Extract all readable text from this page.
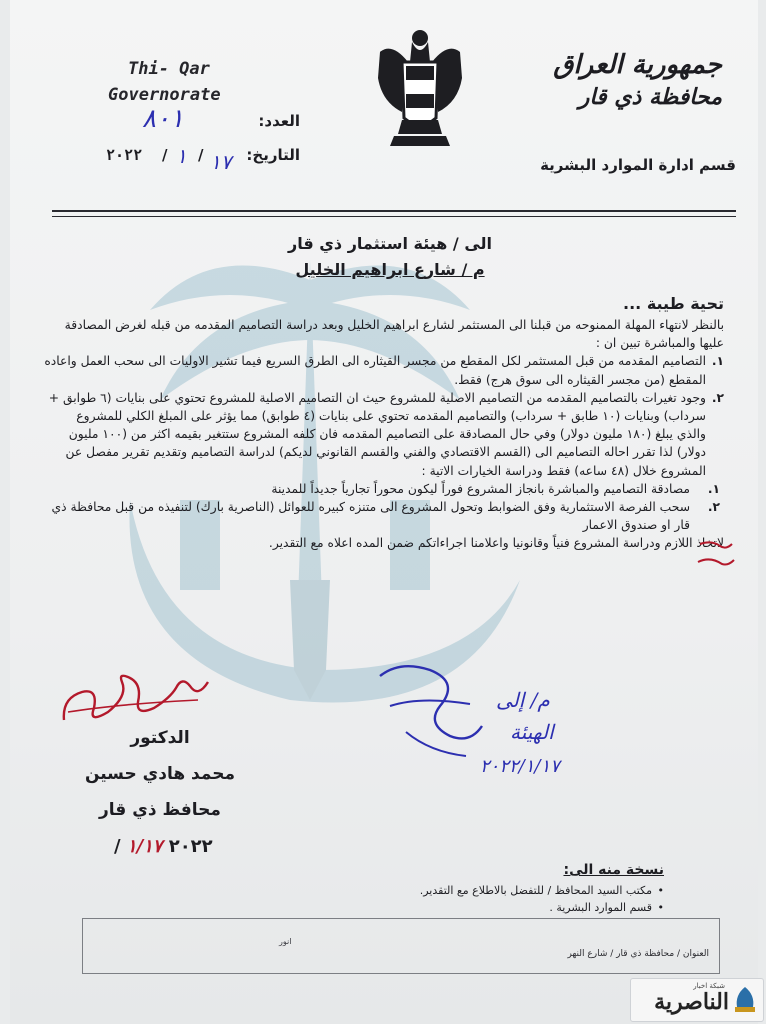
Thi- Qar
Governorate
العدد:
٨٠١
التاريخ:
١٧
/
١
/
٢٠٢٢
جمهورية العراق
محافظة ذي قار
قسم ادارة الموارد البشرية
الى / هيئة استثمار ذي قار
م / شارع ابراهيم الخليل
تحية طيبة ...

بالنظر لانتهاء المهلة الممنوحه من قبلنا الى المستثمر لشارع ابراهيم الخليل وبعد دراسة التصاميم المقدمه من قبله لغرض المصادقة عليها والمباشرة تبين ان :

١.
التصاميم المقدمه من قبل المستثمر لكل المقطع من مجسر القيثاره الى الطرق السريع فيما تشير الاوليات الى سحب العمل واعاده المقطع (من مجسر القيثاره الى سوق هرج) فقط.

٢.
وجود تغيرات بالتصاميم المقدمه من التصاميم الاصلية للمشروع حيث ان التصاميم الاصلية للمشروع تحتوي على بنايات (٦ طوابق + سرداب) وبنايات (١٠ طابق + سرداب) والتصاميم المقدمه تحتوي على بنايات (٤ طوابق) مما يؤثر على المبلغ الكلي للمشروع والذي يبلغ (١٨٠ مليون دولار) وفي حال المصادقة على التصاميم المقدمه فان كلفه المشروع ستتغير بقيمه اكثر من (١٠٠ مليون دولار) لذا تقرر احاله التصاميم الى (القسم الاقتصادي والفني والقسم القانوني لديكم) لدراسة التصاميم وتقديم تقرير مفصل عن المشروع خلال (٤٨ ساعه) فقط ودراسة الخيارات الاتية :

١.
مصادقة التصاميم والمباشرة بانجاز المشروع فوراً ليكون محوراً تجارياً جديداً للمدينة

٢.
سحب الفرصة الاستثمارية وفق الضوابط وتحول المشروع الى متنزه كبيره للعوائل (الناصرية بارك) لتنفيذه من قبل محافظة ذي قار او صندوق الاعمار

لاتخاذ اللازم ودراسة المشروع فنياً وقانونيا واعلامنا اجراءاتكم ضمن المده اعلاه مع التقدير.

م/ إلى
الهيئة
٢٠٢٢/١/١٧
الدكتور
محمد هادي حسين
محافظ ذي قار
/ ٢٠٢٢ ١/١٧
نسخة منه الى:
• مكتب السيد المحافظ / للتفضل بالاطلاع مع التقدير.
• قسم الموارد البشرية .
انور
العنوان / محافظة ذي قار / شارع النهر
شبكة اخبار
الناصرية
